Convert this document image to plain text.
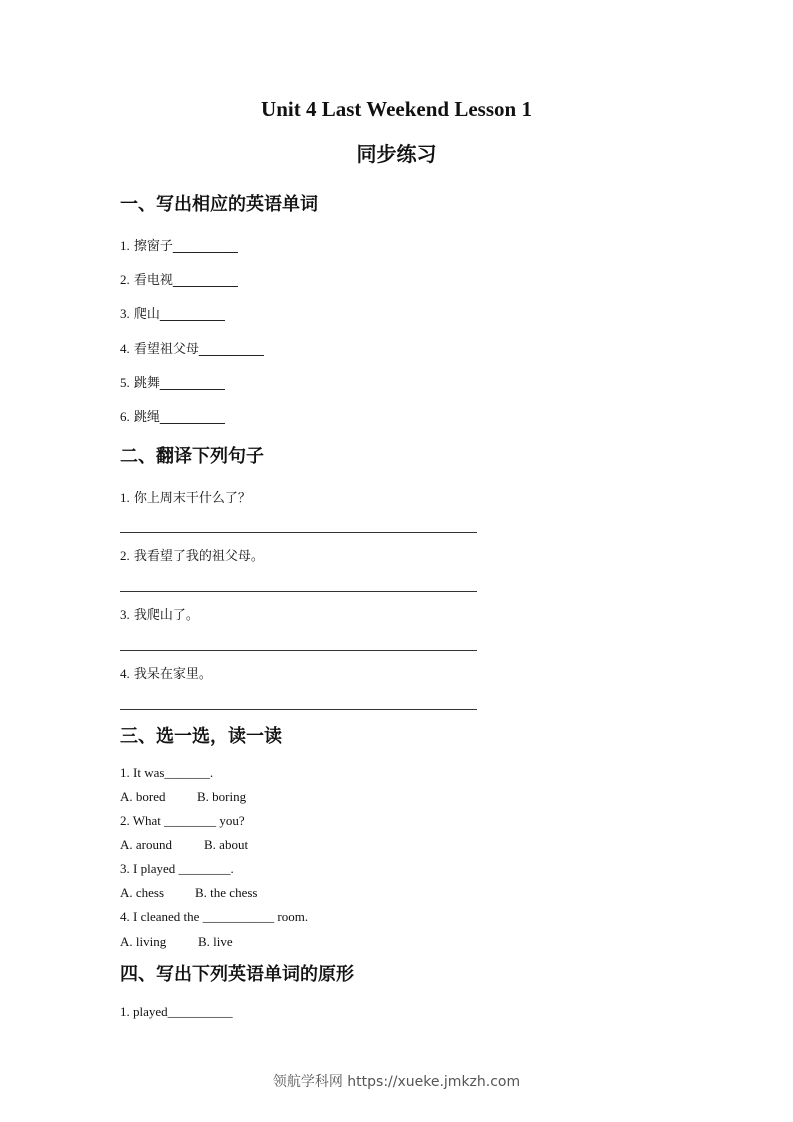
Unit 4 Last Weekend Lesson 1
同步练习
一、写出相应的英语单词
1. 擦窗子__________
2. 看电视__________
3. 爬山__________
4. 看望祖父母__________
5. 跳舞__________
6. 跳绳__________
二、翻译下列句子
1. 你上周末干什么了？
2. 我看望了我的祖父母。
3. 我爬山了。
4. 我呆在家里。
三、选一选，读一读
1. It was_______.
A. bored B. boring
2. What ________ you?
A. around B. about
3. I played ________.
A. chess B. the chess
4. I cleaned the ___________ room.
A. living B. live
四、写出下列英语单词的原形
1. played__________
领航学科网 https://xueke.jmkzh.com
